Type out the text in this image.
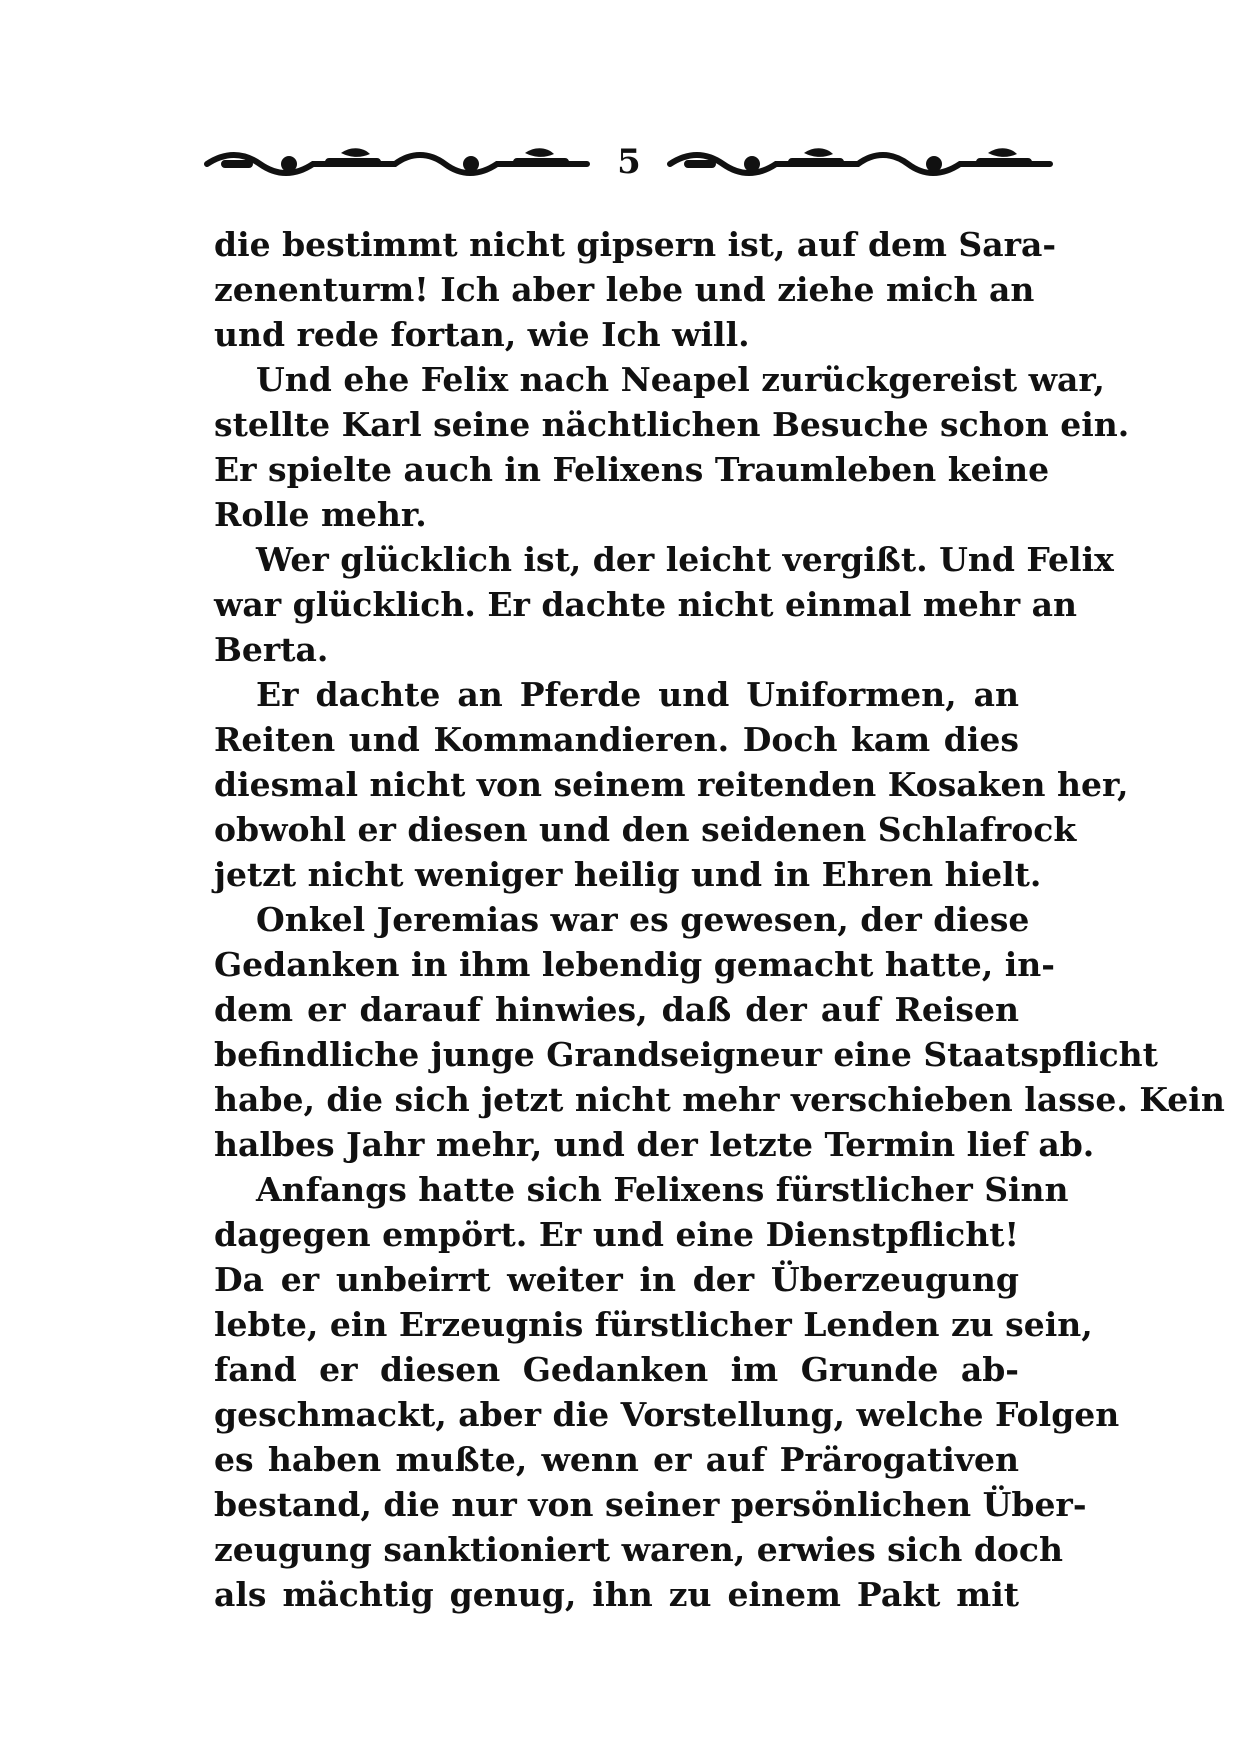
5
die bestimmt nicht gipsern ist, auf dem Sara-
zenenturm! Ich aber lebe und ziehe mich an
und rede fortan, wie Ich will.
Und ehe Felix nach Neapel zurückgereist war,
stellte Karl seine nächtlichen Besuche schon ein.
Er spielte auch in Felixens Traumleben keine
Rolle mehr.
Wer glücklich ist, der leicht vergißt. Und Felix
war glücklich. Er dachte nicht einmal mehr an
Berta.
Er dachte an Pferde und Uniformen, an
Reiten und Kommandieren. Doch kam dies
diesmal nicht von seinem reitenden Kosaken her,
obwohl er diesen und den seidenen Schlafrock
jetzt nicht weniger heilig und in Ehren hielt.
Onkel Jeremias war es gewesen, der diese
Gedanken in ihm lebendig gemacht hatte, in-
dem er darauf hinwies, daß der auf Reisen
befindliche junge Grandseigneur eine Staatspflicht
habe, die sich jetzt nicht mehr verschieben lasse. Kein
halbes Jahr mehr, und der letzte Termin lief ab.
Anfangs hatte sich Felixens fürstlicher Sinn
dagegen empört. Er und eine Dienstpflicht!
Da er unbeirrt weiter in der Überzeugung
lebte, ein Erzeugnis fürstlicher Lenden zu sein,
fand er diesen Gedanken im Grunde ab-
geschmackt, aber die Vorstellung, welche Folgen
es haben mußte, wenn er auf Prärogativen
bestand, die nur von seiner persönlichen Über-
zeugung sanktioniert waren, erwies sich doch
als mächtig genug, ihn zu einem Pakt mit
